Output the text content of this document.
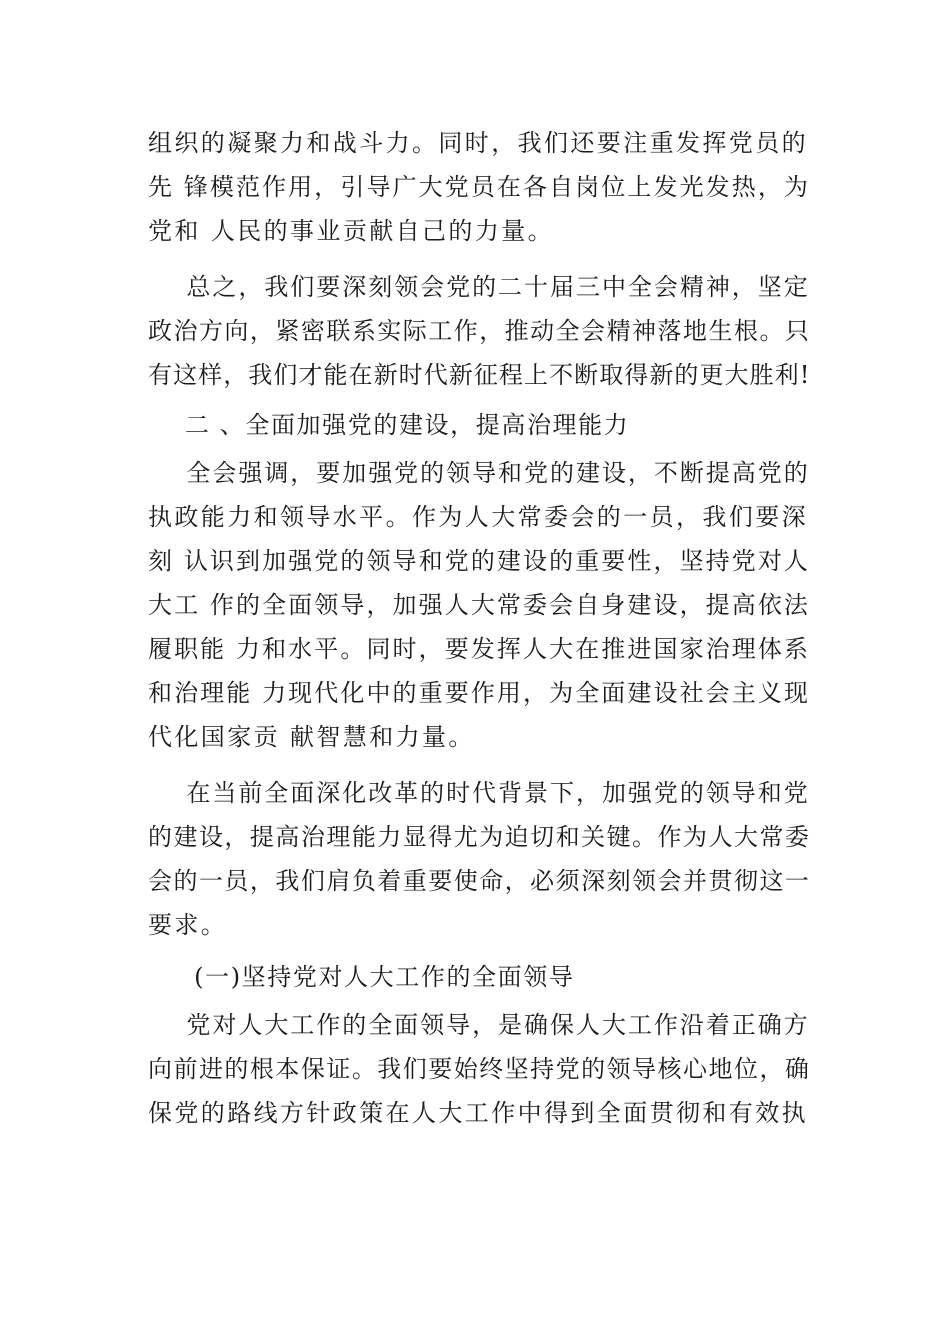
组织的凝聚力和战斗力。同时，我们还要注重发挥党员的
先 锋模范作用，引导广大党员在各自岗位上发光发热，为
党和 人民的事业贡献自己的力量。
总之，我们要深刻领会党的二十届三中全会精神，坚定
政治方向，紧密联系实际工作，推动全会精神落地生根。只
有这样，我们才能在新时代新征程上不断取得新的更大胜利!
二 、全面加强党的建设，提高治理能力
全会强调，要加强党的领导和党的建设，不断提高党的
执政能力和领导水平。作为人大常委会的一员，我们要深
刻 认识到加强党的领导和党的建设的重要性，坚持党对人
大工 作的全面领导，加强人大常委会自身建设，提高依法
履职能 力和水平。同时，要发挥人大在推进国家治理体系
和治理能 力现代化中的重要作用，为全面建设社会主义现
代化国家贡 献智慧和力量。
在当前全面深化改革的时代背景下，加强党的领导和党
的建设，提高治理能力显得尤为迫切和关键。作为人大常委
会的一员，我们肩负着重要使命，必须深刻领会并贯彻这一
要求。
(一)坚持党对人大工作的全面领导
党对人大工作的全面领导，是确保人大工作沿着正确方
向前进的根本保证。我们要始终坚持党的领导核心地位，确
保党的路线方针政策在人大工作中得到全面贯彻和有效执
